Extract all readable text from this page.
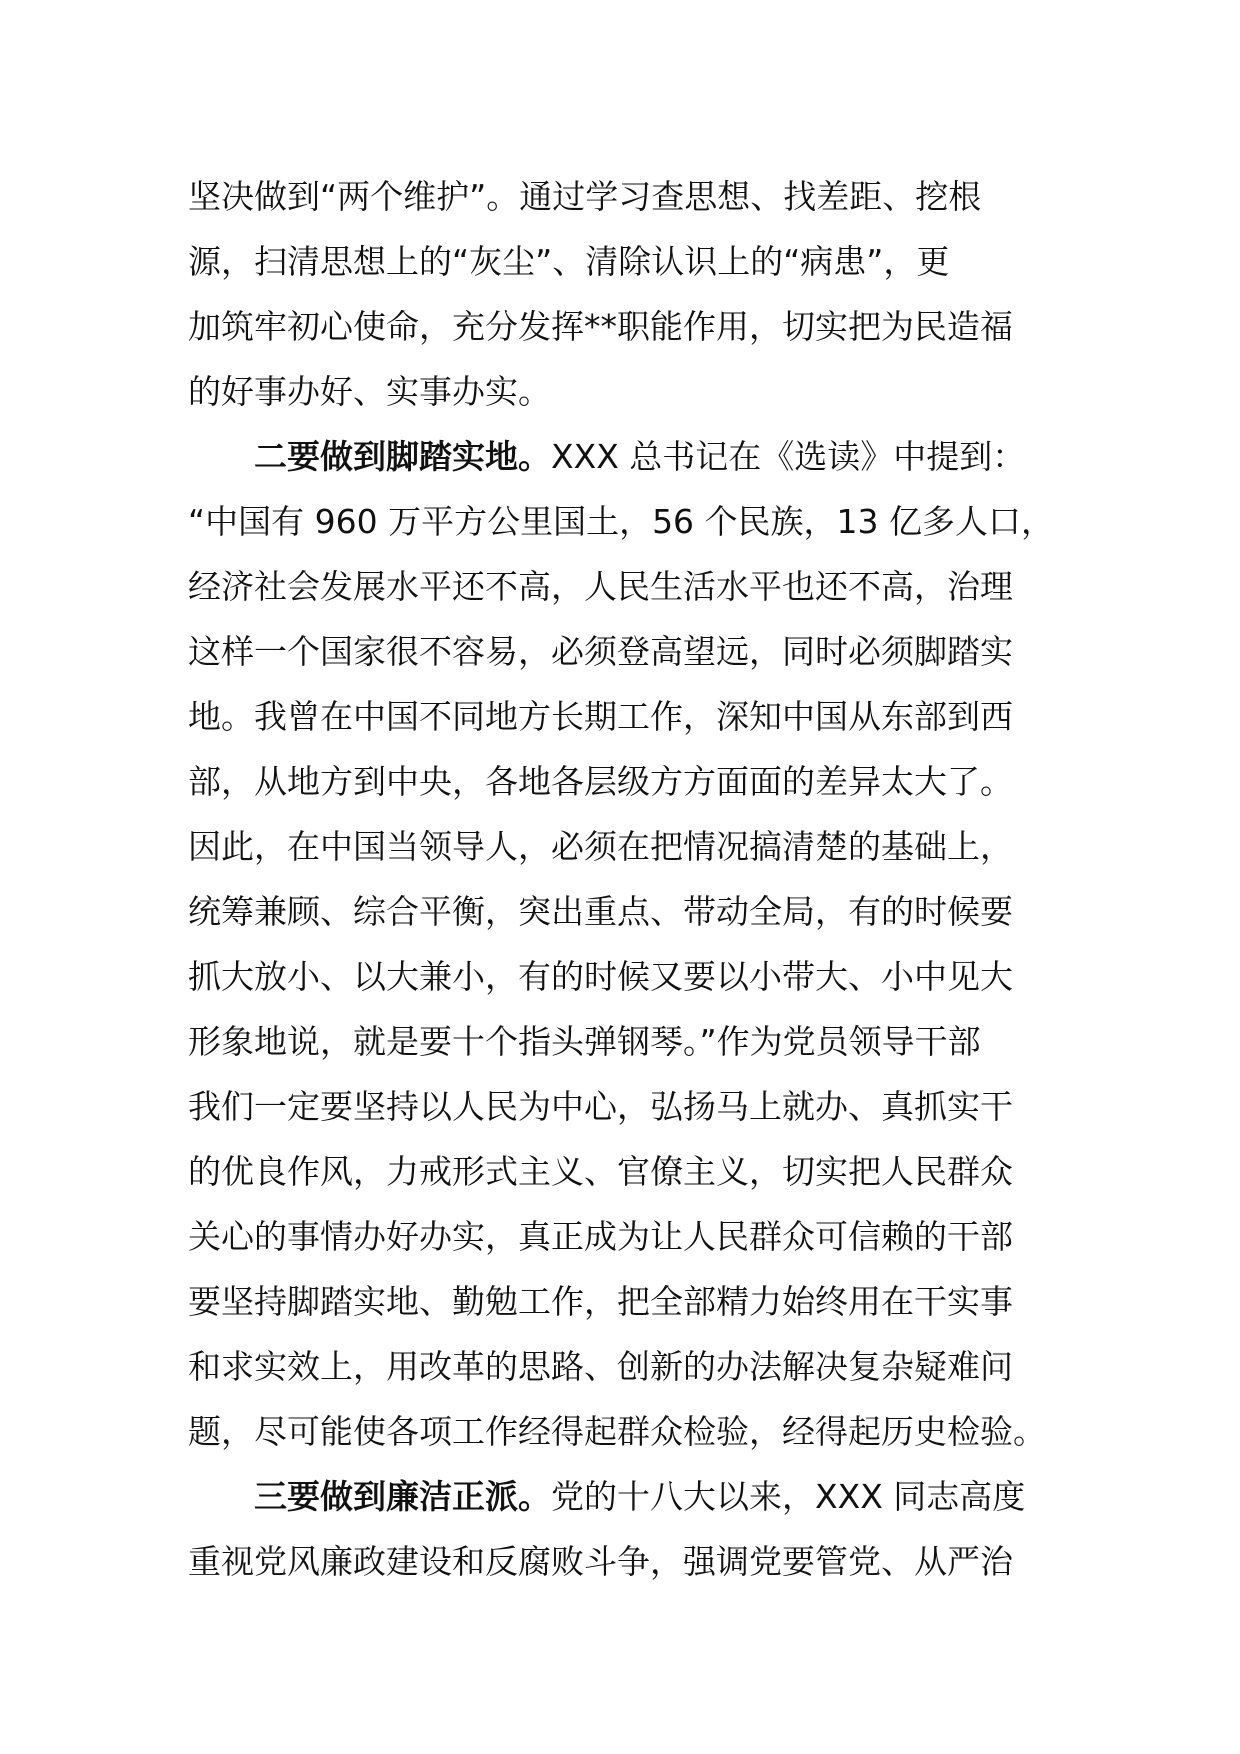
坚决做到“两个维护”。通过学习查思想、找差距、挖根
源，扫清思想上的“灰尘”、清除认识上的“病患”，更
加筑牢初心使命，充分发挥**职能作用，切实把为民造福
的好事办好、实事办实。
二要做到脚踏实地。XXX 总书记在《选读》中提到：
“中国有 960 万平方公里国土，56 个民族，13 亿多人口，
经济社会发展水平还不高，人民生活水平也还不高，治理
这样一个国家很不容易，必须登高望远，同时必须脚踏实
地。我曾在中国不同地方长期工作，深知中国从东部到西
部，从地方到中央，各地各层级方方面面的差异太大了。
因此，在中国当领导人，必须在把情况搞清楚的基础上，
统筹兼顾、综合平衡，突出重点、带动全局，有的时候要
抓大放小、以大兼小，有的时候又要以小带大、小中见大
形象地说，就是要十个指头弹钢琴。”作为党员领导干部
我们一定要坚持以人民为中心，弘扬马上就办、真抓实干
的优良作风，力戒形式主义、官僚主义，切实把人民群众
关心的事情办好办实，真正成为让人民群众可信赖的干部
要坚持脚踏实地、勤勉工作，把全部精力始终用在干实事
和求实效上，用改革的思路、创新的办法解决复杂疑难问
题，尽可能使各项工作经得起群众检验，经得起历史检验。
三要做到廉洁正派。党的十八大以来，XXX 同志高度
重视党风廉政建设和反腐败斗争，强调党要管党、从严治
